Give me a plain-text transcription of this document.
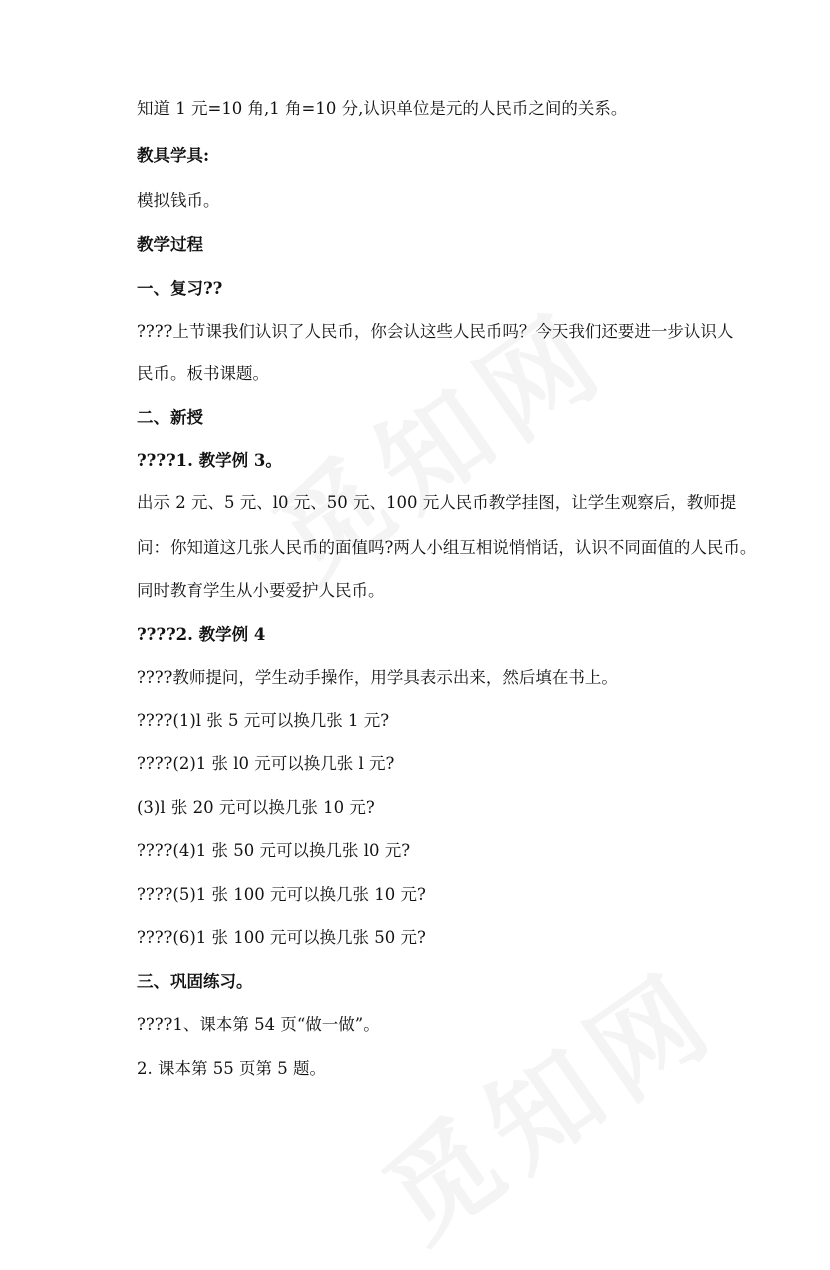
知道 1 元=10 角,1 角=10 分,认识单位是元的人民币之间的关系。
教具学具:
模拟钱币。
教学过程
一、复习??
????上节课我们认识了人民币，你会认这些人民币吗？今天我们还要进一步认识人
民币。板书课题。
二、新授
????1. 教学例 3。
出示 2 元、5 元、l0 元、50 元、100 元人民币教学挂图，让学生观察后，教师提
问：你知道这几张人民币的面值吗?两人小组互相说悄悄话，认识不同面值的人民币。
同时教育学生从小要爱护人民币。
????2. 教学例 4
????教师提问，学生动手操作，用学具表示出来，然后填在书上。
????(1)l 张 5 元可以换几张 1 元?
????(2)1 张 l0 元可以换几张 l 元?
(3)l 张 20 元可以换几张 10 元?
????(4)1 张 50 元可以换几张 l0 元?
????(5)1 张 100 元可以换几张 10 元?
????(6)1 张 100 元可以换几张 50 元?
三、巩固练习。
????1、课本第 54 页“做一做”。
2. 课本第 55 页第 5 题。
